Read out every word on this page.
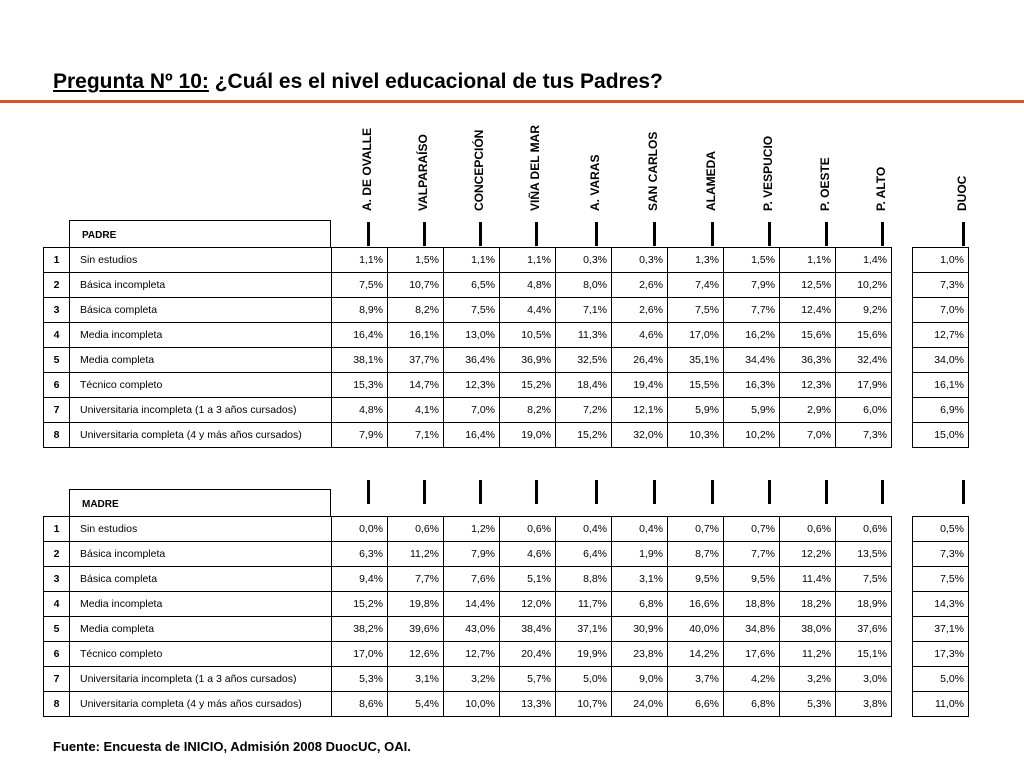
Pregunta Nº 10: ¿Cuál es el nivel educacional de tus Padres?
A. DE OVALLE	VALPARAÍSO	CONCEPCIÓN	VIÑA DEL MAR	A. VARAS	SAN CARLOS	ALAMEDA	P. VESPUCIO	P. OESTE	P. ALTO	DUOC
PADRE
1	Sin estudios	1,1%	1,5%	1,1%	1,1%	0,3%	0,3%	1,3%	1,5%	1,1%	1,4%		1,0%
2	Básica incompleta	7,5%	10,7%	6,5%	4,8%	8,0%	2,6%	7,4%	7,9%	12,5%	10,2%		7,3%
3	Básica completa	8,9%	8,2%	7,5%	4,4%	7,1%	2,6%	7,5%	7,7%	12,4%	9,2%		7,0%
4	Media incompleta	16,4%	16,1%	13,0%	10,5%	11,3%	4,6%	17,0%	16,2%	15,6%	15,6%		12,7%
5	Media completa	38,1%	37,7%	36,4%	36,9%	32,5%	26,4%	35,1%	34,4%	36,3%	32,4%		34,0%
6	Técnico completo	15,3%	14,7%	12,3%	15,2%	18,4%	19,4%	15,5%	16,3%	12,3%	17,9%		16,1%
7	Universitaria incompleta (1 a 3 años cursados)	4,8%	4,1%	7,0%	8,2%	7,2%	12,1%	5,9%	5,9%	2,9%	6,0%		6,9%
8	Universitaria completa (4 y más años cursados)	7,9%	7,1%	16,4%	19,0%	15,2%	32,0%	10,3%	10,2%	7,0%	7,3%		15,0%
MADRE
1	Sin estudios	0,0%	0,6%	1,2%	0,6%	0,4%	0,4%	0,7%	0,7%	0,6%	0,6%		0,5%
2	Básica incompleta	6,3%	11,2%	7,9%	4,6%	6,4%	1,9%	8,7%	7,7%	12,2%	13,5%		7,3%
3	Básica completa	9,4%	7,7%	7,6%	5,1%	8,8%	3,1%	9,5%	9,5%	11,4%	7,5%		7,5%
4	Media incompleta	15,2%	19,8%	14,4%	12,0%	11,7%	6,8%	16,6%	18,8%	18,2%	18,9%		14,3%
5	Media completa	38,2%	39,6%	43,0%	38,4%	37,1%	30,9%	40,0%	34,8%	38,0%	37,6%		37,1%
6	Técnico completo	17,0%	12,6%	12,7%	20,4%	19,9%	23,8%	14,2%	17,6%	11,2%	15,1%		17,3%
7	Universitaria incompleta (1 a 3 años cursados)	5,3%	3,1%	3,2%	5,7%	5,0%	9,0%	3,7%	4,2%	3,2%	3,0%		5,0%
8	Universitaria completa (4 y más años cursados)	8,6%	5,4%	10,0%	13,3%	10,7%	24,0%	6,6%	6,8%	5,3%	3,8%		11,0%

Fuente: Encuesta de INICIO, Admisión 2008 DuocUC, OAI.
